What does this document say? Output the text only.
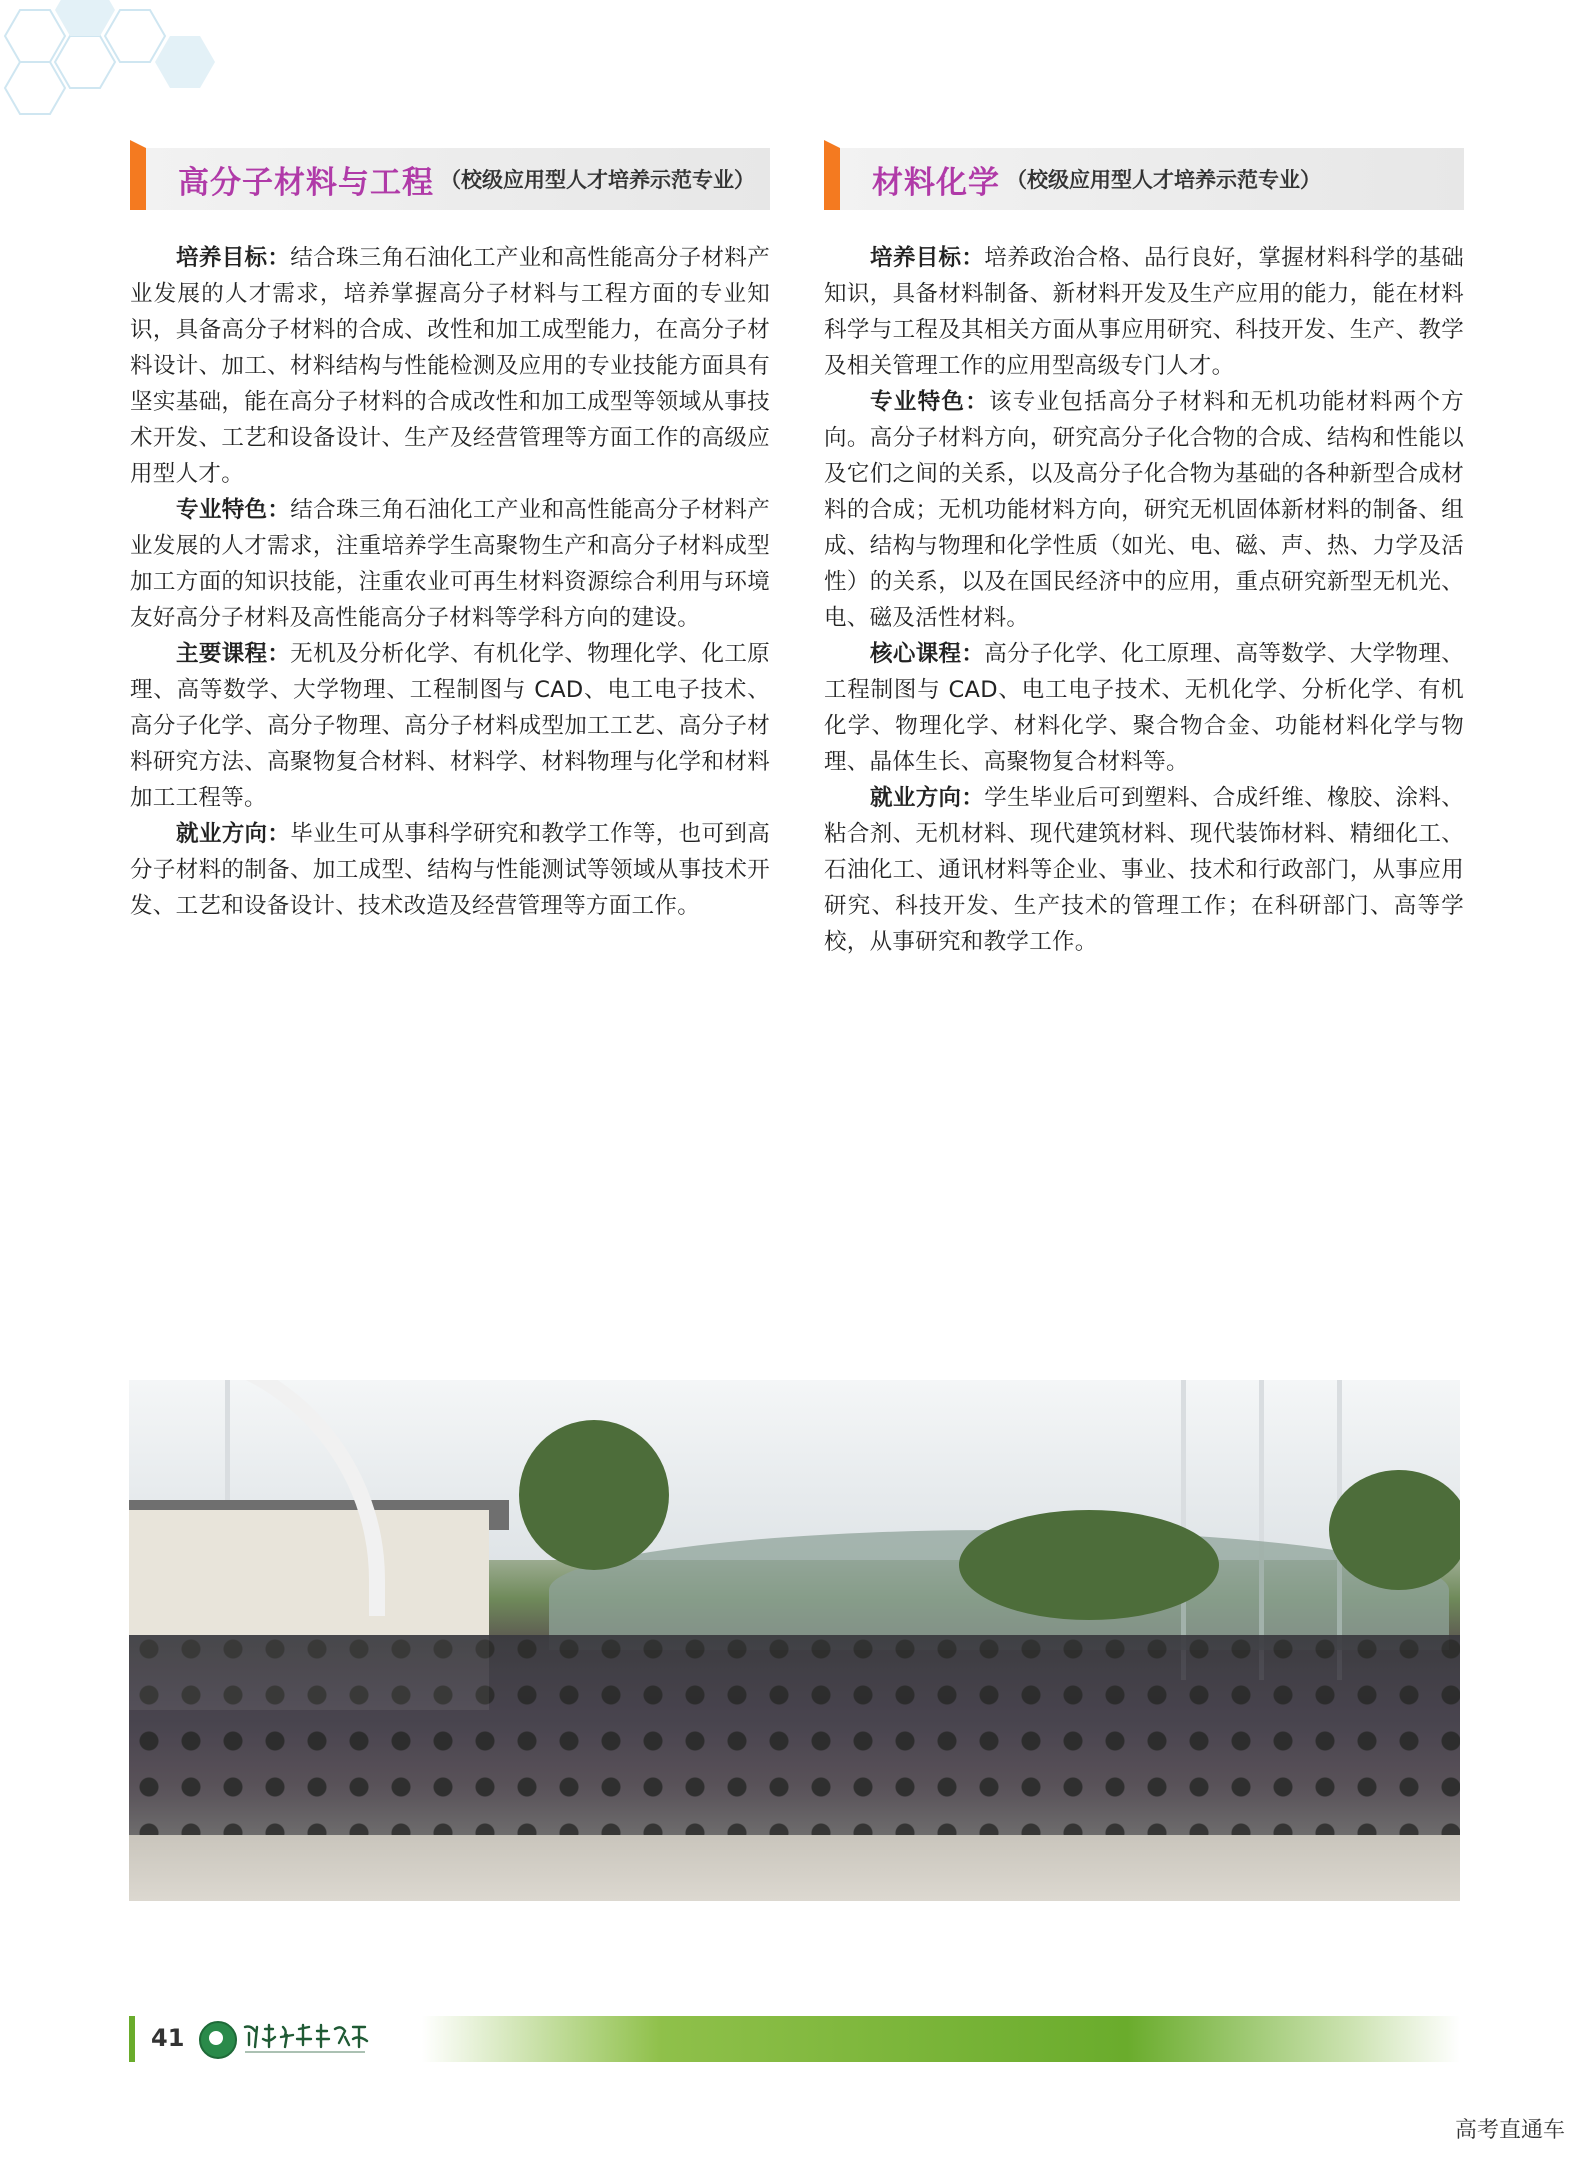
高分子材料与工程 （校级应用型人才培养示范专业）

培养目标：结合珠三角石油化工产业和高性能高分子材料产业发展的人才需求，培养掌握高分子材料与工程方面的专业知识，具备高分子材料的合成、改性和加工成型能力，在高分子材料设计、加工、材料结构与性能检测及应用的专业技能方面具有坚实基础，能在高分子材料的合成改性和加工成型等领域从事技术开发、工艺和设备设计、生产及经营管理等方面工作的高级应用型人才。

专业特色：结合珠三角石油化工产业和高性能高分子材料产业发展的人才需求，注重培养学生高聚物生产和高分子材料成型加工方面的知识技能，注重农业可再生材料资源综合利用与环境友好高分子材料及高性能高分子材料等学科方向的建设。

主要课程：无机及分析化学、有机化学、物理化学、化工原理、高等数学、大学物理、工程制图与 CAD、电工电子技术、高分子化学、高分子物理、高分子材料成型加工工艺、高分子材料研究方法、高聚物复合材料、材料学、材料物理与化学和材料加工工程等。

就业方向：毕业生可从事科学研究和教学工作等，也可到高分子材料的制备、加工成型、结构与性能测试等领域从事技术开发、工艺和设备设计、技术改造及经营管理等方面工作。

材料化学 （校级应用型人才培养示范专业）

培养目标：培养政治合格、品行良好，掌握材料科学的基础知识，具备材料制备、新材料开发及生产应用的能力，能在材料科学与工程及其相关方面从事应用研究、科技开发、生产、教学及相关管理工作的应用型高级专门人才。

专业特色：该专业包括高分子材料和无机功能材料两个方向。高分子材料方向，研究高分子化合物的合成、结构和性能以及它们之间的关系，以及高分子化合物为基础的各种新型合成材料的合成；无机功能材料方向，研究无机固体新材料的制备、组成、结构与物理和化学性质（如光、电、磁、声、热、力学及活性）的关系，以及在国民经济中的应用，重点研究新型无机光、电、磁及活性材料。

核心课程：高分子化学、化工原理、高等数学、大学物理、工程制图与 CAD、电工电子技术、无机化学、分析化学、有机化学、物理化学、材料化学、聚合物合金、功能材料化学与物理、晶体生长、高聚物复合材料等。

就业方向：学生毕业后可到塑料、合成纤维、橡胶、涂料、粘合剂、无机材料、现代建筑材料、现代装饰材料、精细化工、石油化工、通讯材料等企业、事业、技术和行政部门，从事应用研究、科技开发、生产技术的管理工作；在科研部门、高等学校，从事研究和教学工作。

41
高考直通车
